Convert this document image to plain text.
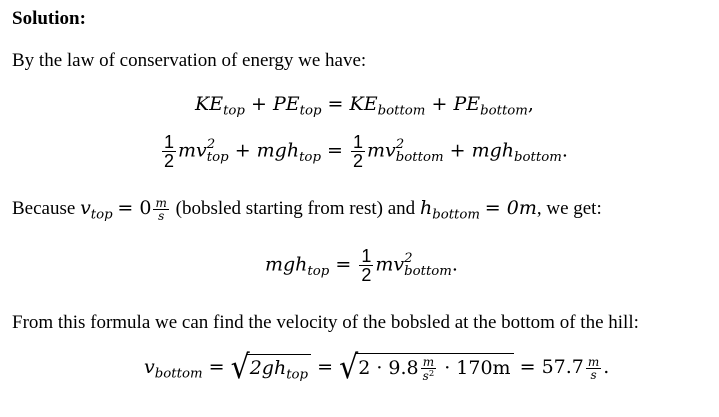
Solution:
By the law of conservation of energy we have:
$KE_{top} + PE_{top} = KE_{bottom} + PE_{bottom}$,
$\frac{1}{2}$ mv 2
top + $mgh_{top} = \frac{1}{2}$ mv 2
bottom + mgh$_{bottom}$.
Because $v_{top} = 0 \frac{m}{s}$ (bobsled starting from rest) and $h_{bottom} = 0m$, we get:
$mgh_{top} = \frac{1}{2}$ mv 2
bottom .
From this formula we can find the velocity of the bobsled at the bottom of the hill:
$v_{bottom} = √2gh_{top} = √2 \cdot 9.8 \frac{m}{s^2} \cdot 170m = 57.7 \frac{m}{s}$ .
